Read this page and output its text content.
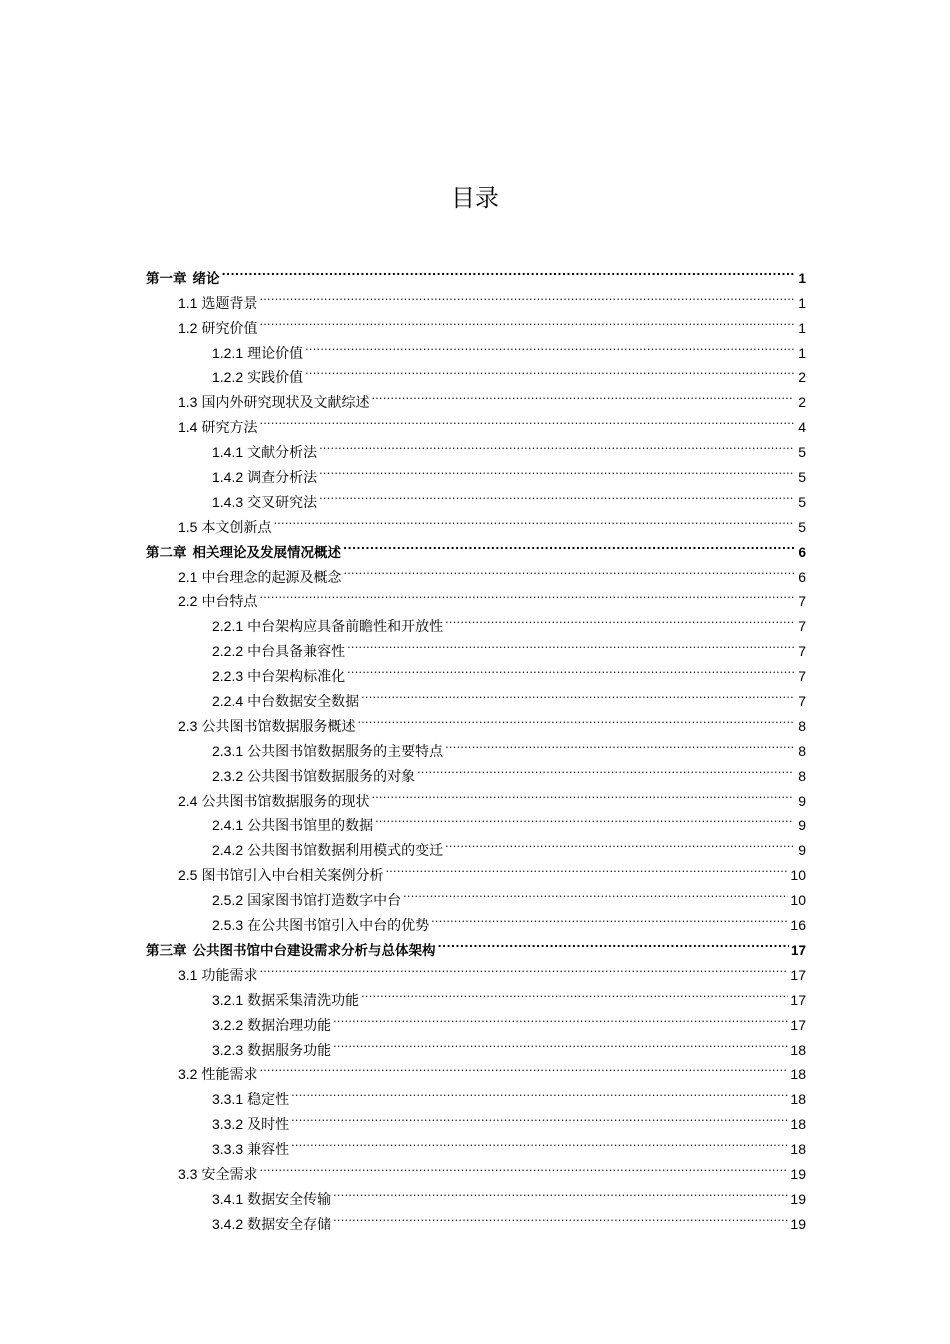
目录
第一章 绪论 .....	1
1.1 选题背景 .....	1
1.2 研究价值 .....	1
1.2.1 理论价值 .....	1
1.2.2 实践价值 .....	2
1.3 国内外研究现状及文献综述 .....	2
1.4 研究方法 .....	4
1.4.1 文献分析法 .....	5
1.4.2 调查分析法 .....	5
1.4.3 交叉研究法 .....	5
1.5 本文创新点 .....	5
第二章 相关理论及发展情况概述 .....	6
2.1 中台理念的起源及概念 .....	6
2.2 中台特点 .....	7
2.2.1 中台架构应具备前瞻性和开放性 .....	7
2.2.2 中台具备兼容性 .....	7
2.2.3 中台架构标准化 .....	7
2.2.4 中台数据安全数据 .....	7
2.3 公共图书馆数据服务概述 .....	8
2.3.1 公共图书馆数据服务的主要特点 .....	8
2.3.2 公共图书馆数据服务的对象 .....	8
2.4 公共图书馆数据服务的现状 .....	9
2.4.1 公共图书馆里的数据 .....	9
2.4.2 公共图书馆数据利用模式的变迁 .....	9
2.5 图书馆引入中台相关案例分析 .....	10
2.5.2 国家图书馆打造数字中台 .....	10
2.5.3 在公共图书馆引入中台的优势 .....	16
第三章 公共图书馆中台建设需求分析与总体架构 .....	17
3.1 功能需求 .....	17
3.2.1 数据采集清洗功能 .....	17
3.2.2 数据治理功能 .....	17
3.2.3 数据服务功能 .....	18
3.2 性能需求 .....	18
3.3.1 稳定性 .....	18
3.3.2 及时性 .....	18
3.3.3 兼容性 .....	18
3.3 安全需求 .....	19
3.4.1 数据安全传输 .....	19
3.4.2 数据安全存储 .....	19
